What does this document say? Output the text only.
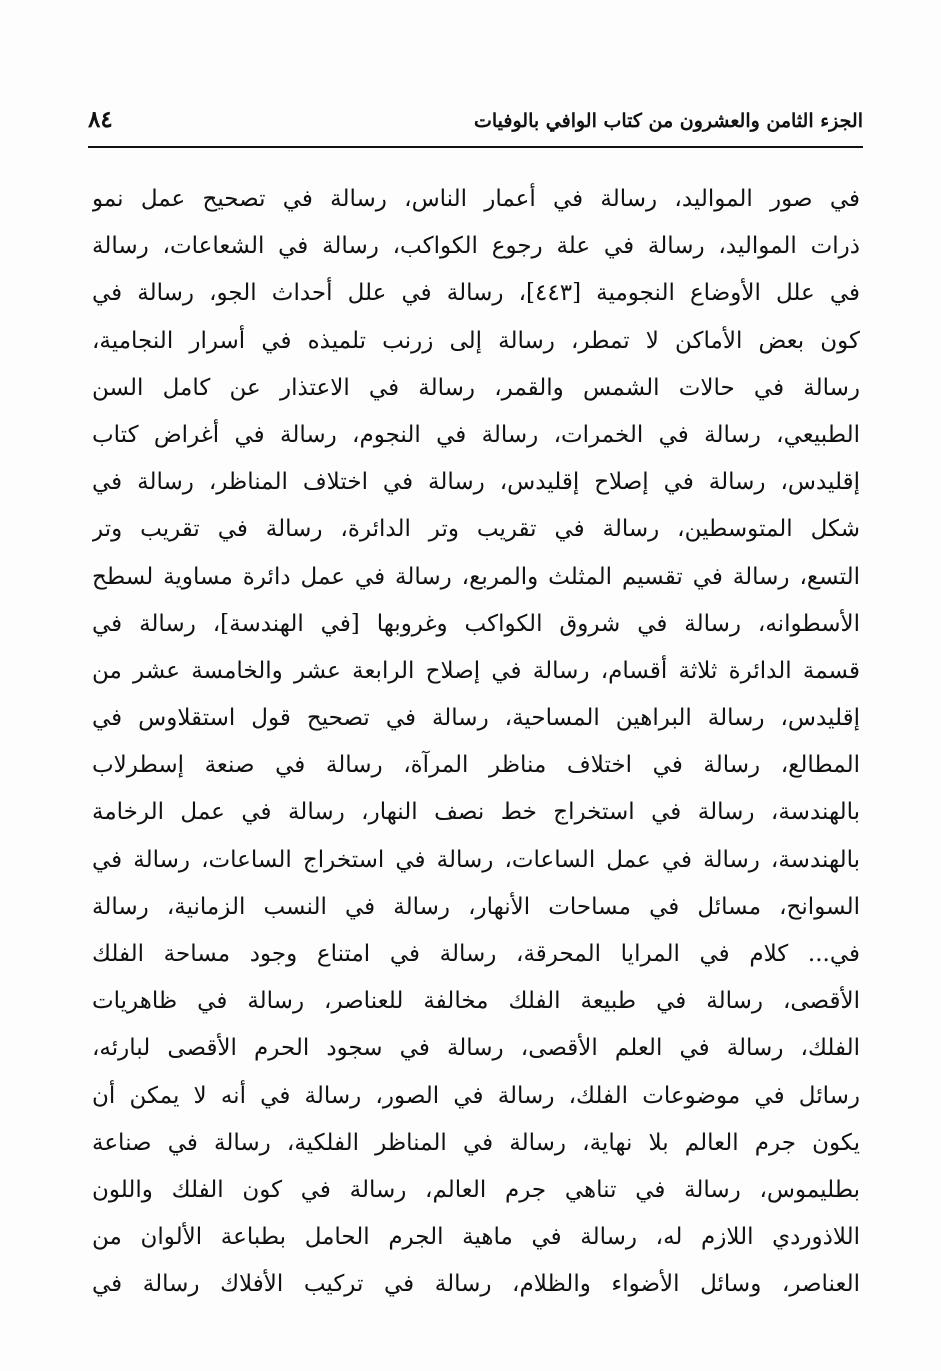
الجزء الثامن والعشرون من كتاب الوافي بالوفيات
٨٤
في صور المواليد، رسالة في أعمار الناس، رسالة في تصحيح عمل نمو
ذرات المواليد، رسالة في علة رجوع الكواكب، رسالة في الشعاعات، رسالة
في علل الأوضاع النجومية [٤٤٣]، رسالة في علل أحداث الجو، رسالة في
كون بعض الأماكن لا تمطر، رسالة إلى زرنب تلميذه في أسرار النجامية،
رسالة في حالات الشمس والقمر، رسالة في الاعتذار عن كامل السن
الطبيعي، رسالة في الخمرات، رسالة في النجوم، رسالة في أغراض كتاب
إقليدس، رسالة في إصلاح إقليدس، رسالة في اختلاف المناظر، رسالة في
شكل المتوسطين، رسالة في تقريب وتر الدائرة، رسالة في تقريب وتر
التسع، رسالة في تقسيم المثلث والمربع، رسالة في عمل دائرة مساوية لسطح
الأسطوانه، رسالة في شروق الكواكب وغروبها [في الهندسة]، رسالة في
قسمة الدائرة ثلاثة أقسام، رسالة في إصلاح الرابعة عشر والخامسة عشر من
إقليدس، رسالة البراهين المساحية، رسالة في تصحيح قول استقلاوس في
المطالع، رسالة في اختلاف مناظر المرآة، رسالة في صنعة إسطرلاب
بالهندسة، رسالة في استخراج خط نصف النهار، رسالة في عمل الرخامة
بالهندسة، رسالة في عمل الساعات، رسالة في استخراج الساعات، رسالة في
السوانح، مسائل في مساحات الأنهار، رسالة في النسب الزمانية، رسالة
في... كلام في المرايا المحرقة، رسالة في امتناع وجود مساحة الفلك
الأقصى، رسالة في طبيعة الفلك مخالفة للعناصر، رسالة في ظاهريات
الفلك، رسالة في العلم الأقصى، رسالة في سجود الحرم الأقصى لبارئه،
رسائل في موضوعات الفلك، رسالة في الصور، رسالة في أنه لا يمكن أن
يكون جرم العالم بلا نهاية، رسالة في المناظر الفلكية، رسالة في صناعة
بطليموس، رسالة في تناهي جرم العالم، رسالة في كون الفلك واللون
اللاذوردي اللازم له، رسالة في ماهية الجرم الحامل بطباعة الألوان من
العناصر، وسائل الأضواء والظلام، رسالة في تركيب الأفلاك رسالة في
